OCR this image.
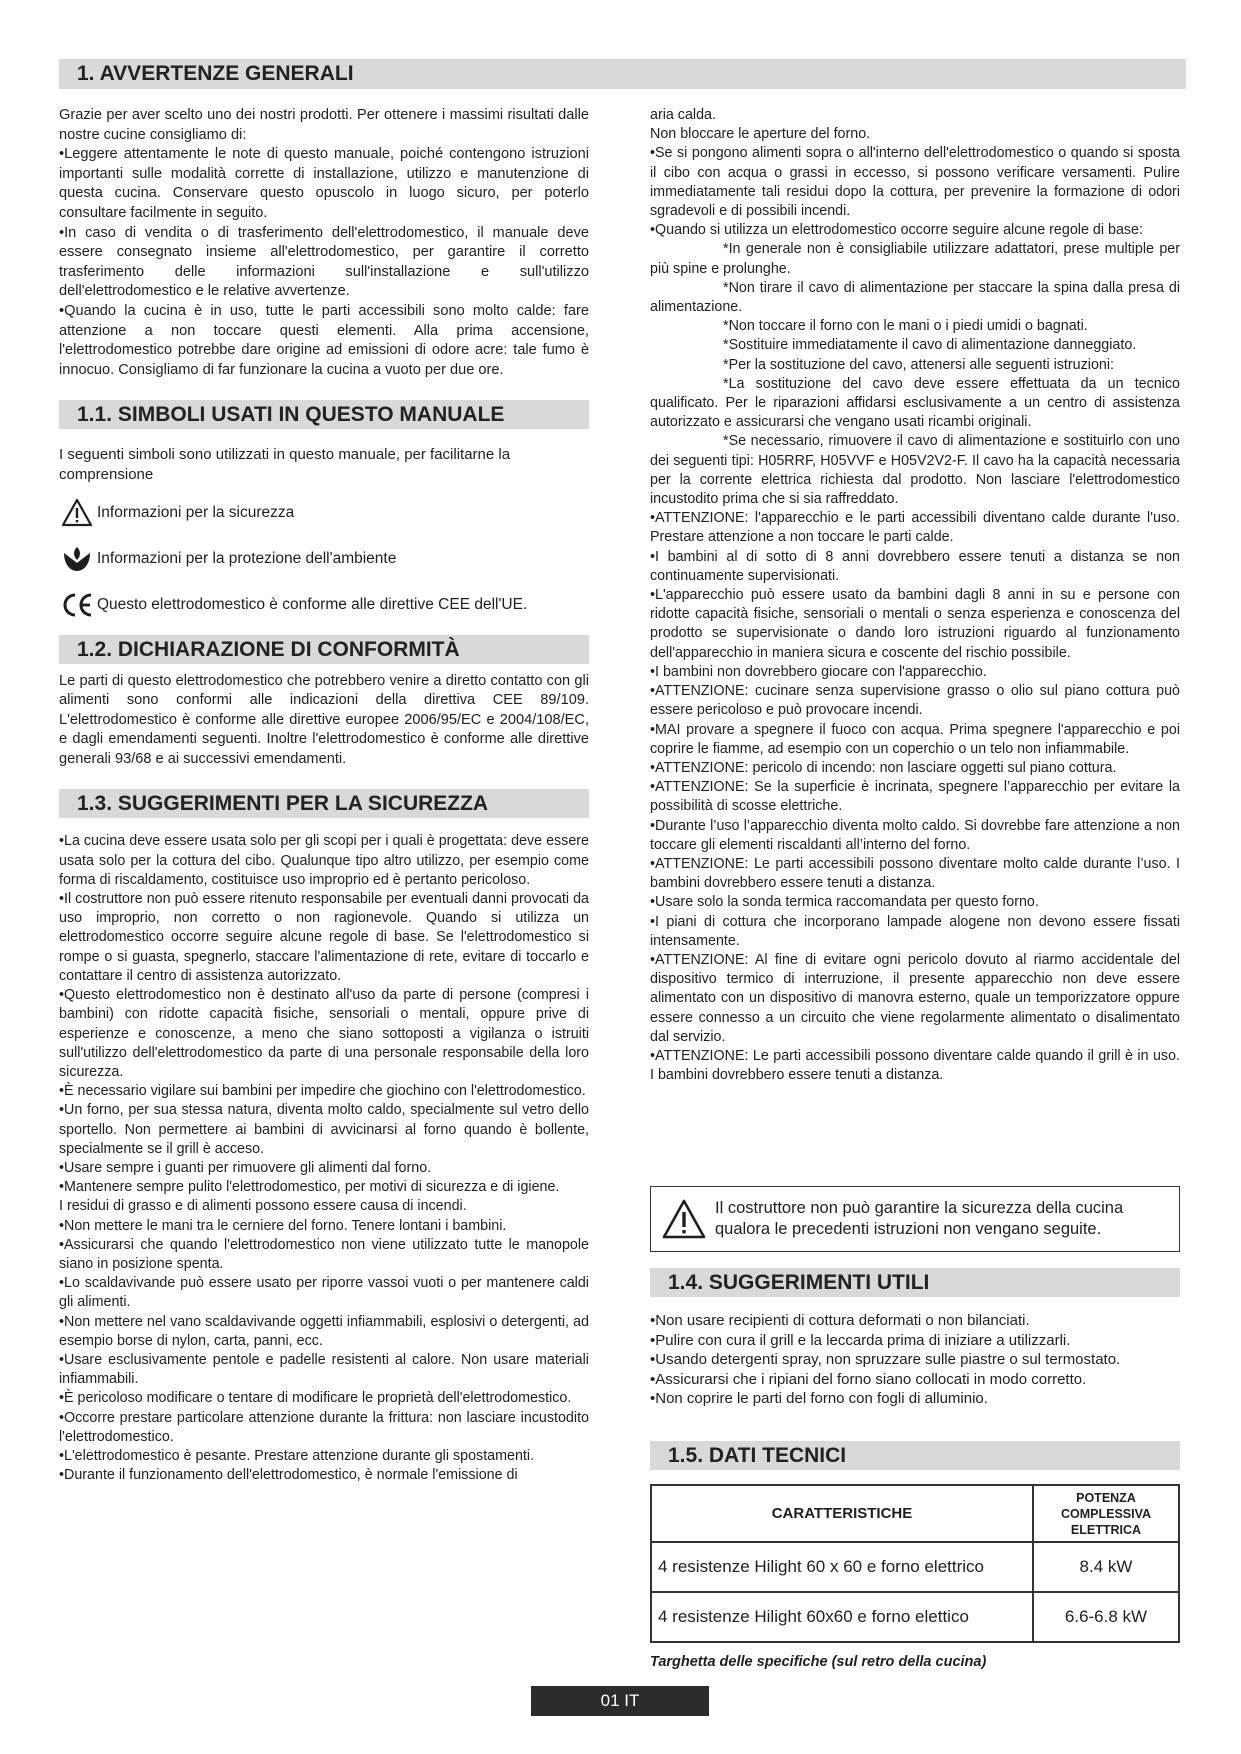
1. AVVERTENZE GENERALI

Grazie per aver scelto uno dei nostri prodotti. Per ottenere i massimi risultati dalle nostre cucine consigliamo di:

•Leggere attentamente le note di questo manuale, poiché contengono istruzioni importanti sulle modalità corrette di installazione, utilizzo e manutenzione di questa cucina. Conservare questo opuscolo in luogo sicuro, per poterlo consultare facilmente in seguito.

•In caso di vendita o di trasferimento dell'elettrodomestico, il manuale deve essere consegnato insieme all'elettrodomestico, per garantire il corretto trasferimento delle informazioni sull'installazione e sull'utilizzo dell'elettrodomestico e le relative avvertenze.

•Quando la cucina è in uso, tutte le parti accessibili sono molto calde: fare attenzione a non toccare questi elementi. Alla prima accensione, l'elettrodomestico potrebbe dare origine ad emissioni di odore acre: tale fumo è innocuo. Consigliamo di far funzionare la cucina a vuoto per due ore.

1.1. SIMBOLI USATI IN QUESTO MANUALE

I seguenti simboli sono utilizzati in questo manuale, per facilitarne la comprensione

Informazioni per la sicurezza
Informazioni per la protezione dell'ambiente
Questo elettrodomestico è conforme alle direttive CEE dell'UE.
1.2. DICHIARAZIONE DI CONFORMITÀ

Le parti di questo elettrodomestico che potrebbero venire a diretto contatto con gli alimenti sono conformi alle indicazioni della direttiva CEE 89/109. L'elettrodomestico è conforme alle direttive europee 2006/95/EC e 2004/108/EC, e dagli emendamenti seguenti. Inoltre l'elettrodomestico è conforme alle direttive generali 93/68 e ai successivi emendamenti.

1.3. SUGGERIMENTI PER LA SICUREZZA

•La cucina deve essere usata solo per gli scopi per i quali è progettata: deve essere usata solo per la cottura del cibo. Qualunque tipo altro utilizzo, per esempio come forma di riscaldamento, costituisce uso improprio ed è pertanto pericoloso.

•Il costruttore non può essere ritenuto responsabile per eventuali danni provocati da uso improprio, non corretto o non ragionevole. Quando si utilizza un elettrodomestico occorre seguire alcune regole di base. Se l'elettrodomestico si rompe o si guasta, spegnerlo, staccare l'alimentazione di rete, evitare di toccarlo e contattare il centro di assistenza autorizzato.

•Questo elettrodomestico non è destinato all'uso da parte di persone (compresi i bambini) con ridotte capacità fisiche, sensoriali o mentali, oppure prive di esperienze e conoscenze, a meno che siano sottoposti a vigilanza o istruiti sull'utilizzo dell'elettrodomestico da parte di una personale responsabile della loro sicurezza.

•È necessario vigilare sui bambini per impedire che giochino con l'elettrodomestico.

•Un forno, per sua stessa natura, diventa molto caldo, specialmente sul vetro dello sportello. Non permettere ai bambini di avvicinarsi al forno quando è bollente, specialmente se il grill è acceso.

•Usare sempre i guanti per rimuovere gli alimenti dal forno.

•Mantenere sempre pulito l'elettrodomestico, per motivi di sicurezza e di igiene.

I residui di grasso e di alimenti possono essere causa di incendi.

•Non mettere le mani tra le cerniere del forno. Tenere lontani i bambini.

•Assicurarsi che quando l'elettrodomestico non viene utilizzato tutte le manopole siano in posizione spenta.

•Lo scaldavivande può essere usato per riporre vassoi vuoti o per mantenere caldi gli alimenti.

•Non mettere nel vano scaldavivande oggetti infiammabili, esplosivi o detergenti, ad esempio borse di nylon, carta, panni, ecc.

•Usare esclusivamente pentole e padelle resistenti al calore. Non usare materiali infiammabili.

•È pericoloso modificare o tentare di modificare le proprietà dell'elettrodomestico.

•Occorre prestare particolare attenzione durante la frittura: non lasciare incustodito l'elettrodomestico.

•L'elettrodomestico è pesante. Prestare attenzione durante gli spostamenti.

•Durante il funzionamento dell'elettrodomestico, è normale l'emissione di

aria calda.

Non bloccare le aperture del forno.

•Se si pongono alimenti sopra o all'interno dell'elettrodomestico o quando si sposta il cibo con acqua o grassi in eccesso, si possono verificare versamenti. Pulire immediatamente tali residui dopo la cottura, per prevenire la formazione di odori sgradevoli e di possibili incendi.

•Quando si utilizza un elettrodomestico occorre seguire alcune regole di base:

*In generale non è consigliabile utilizzare adattatori, prese multiple per più spine e prolunghe.

*Non tirare il cavo di alimentazione per staccare la spina dalla presa di alimentazione.

*Non toccare il forno con le mani o i piedi umidi o bagnati.

*Sostituire immediatamente il cavo di alimentazione danneggiato.

*Per la sostituzione del cavo, attenersi alle seguenti istruzioni:

*La sostituzione del cavo deve essere effettuata da un tecnico qualificato. Per le riparazioni affidarsi esclusivamente a un centro di assistenza autorizzato e assicurarsi che vengano usati ricambi originali.

*Se necessario, rimuovere il cavo di alimentazione e sostituirlo con uno dei seguenti tipi: H05RRF, H05VVF e H05V2V2-F. Il cavo ha la capacità necessaria per la corrente elettrica richiesta dal prodotto. Non lasciare l'elettrodomestico incustodito prima che si sia raffreddato.

•ATTENZIONE: l'apparecchio e le parti accessibili diventano calde durante l'uso. Prestare attenzione a non toccare le parti calde.

•I bambini al di sotto di 8 anni dovrebbero essere tenuti a distanza se non continuamente supervisionati.

•L'apparecchio può essere usato da bambini dagli 8 anni in su e persone con ridotte capacità fisiche, sensoriali o mentali o senza esperienza e conoscenza del prodotto se supervisionate o dando loro istruzioni riguardo al funzionamento dell'apparecchio in maniera sicura e coscente del rischio possibile.

•I bambini non dovrebbero giocare con l'apparecchio.

•ATTENZIONE: cucinare senza supervisione grasso o olio sul piano cottura può essere pericoloso e può provocare incendi.

•MAI provare a spegnere il fuoco con acqua. Prima spegnere l'apparecchio e poi coprire le fiamme, ad esempio con un coperchio o un telo non infiammabile.

•ATTENZIONE: pericolo di incendo: non lasciare oggetti sul piano cottura.

•ATTENZIONE: Se la superficie è incrinata, spegnere l’apparecchio per evitare la possibilità di scosse elettriche.

•Durante l’uso l’apparecchio diventa molto caldo. Si dovrebbe fare attenzione a non toccare gli elementi riscaldanti all’interno del forno.

•ATTENZIONE: Le parti accessibili possono diventare molto calde durante l’uso. I bambini dovrebbero essere tenuti a distanza.

•Usare solo la sonda termica raccomandata per questo forno.

•I piani di cottura che incorporano lampade alogene non devono essere fissati intensamente.

•ATTENZIONE: Al fine di evitare ogni pericolo dovuto al riarmo accidentale del dispositivo termico di interruzione, il presente apparecchio non deve essere alimentato con un dispositivo di manovra esterno, quale un temporizzatore oppure essere connesso a un circuito che viene regolarmente alimentato o disalimentato dal servizio.

•ATTENZIONE: Le parti accessibili possono diventare calde quando il grill è in uso. I bambini dovrebbero essere tenuti a distanza.

Il costruttore non può garantire la sicurezza della cucina qualora le precedenti istruzioni non vengano seguite.
1.4. SUGGERIMENTI UTILI

•Non usare recipienti di cottura deformati o non bilanciati.

•Pulire con cura il grill e la leccarda prima di iniziare a utilizzarli.

•Usando detergenti spray, non spruzzare sulle piastre o sul termostato.

•Assicurarsi che i ripiani del forno siano collocati in modo corretto.

•Non coprire le parti del forno con fogli di alluminio.

1.5. DATI TECNICI
CARATTERISTICHE	POTENZA COMPLESSIVA ELETTRICA
4 resistenze Hilight 60 x 60 e forno elettrico	8.4 kW
4 resistenze Hilight 60x60 e forno elettico	6.6-6.8 kW
Targhetta delle specifiche (sul retro della cucina)
01 IT
